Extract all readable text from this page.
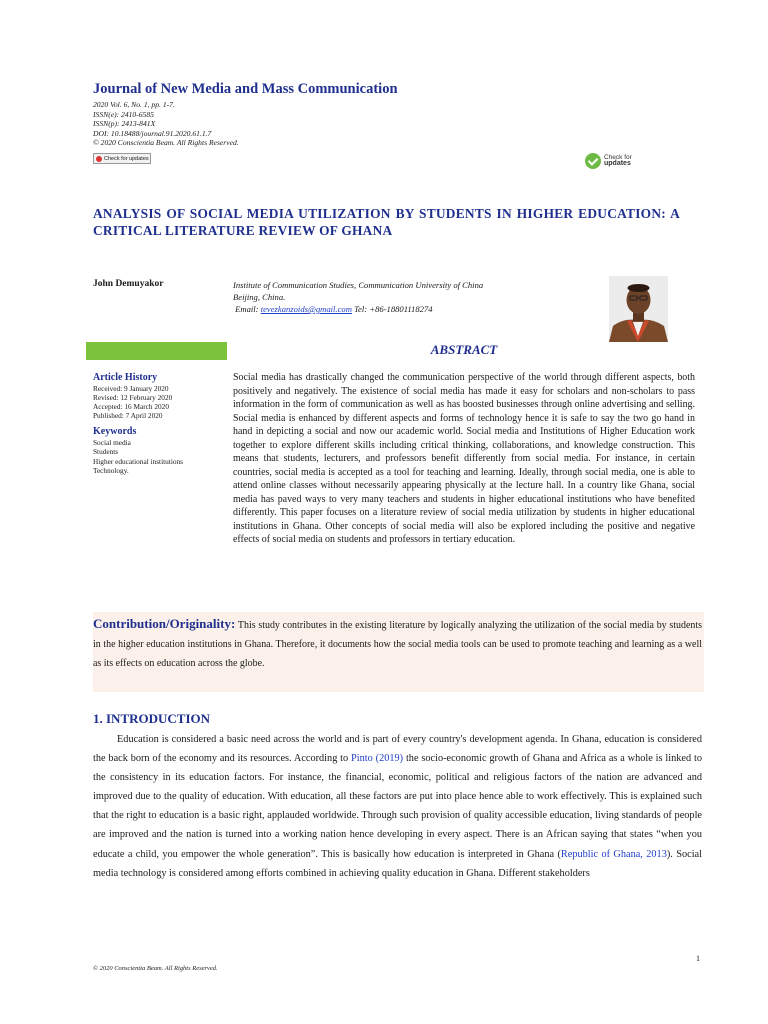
Journal of New Media and Mass Communication
2020 Vol. 6, No. 1, pp. 1-7.
ISSN(e): 2410-6585
ISSN(p): 2413-841X
DOI: 10.18488/journal.91.2020.61.1.7
© 2020 Conscientia Beam. All Rights Reserved.
Check for updates	Check for
updates
ANALYSIS OF SOCIAL MEDIA UTILIZATION BY STUDENTS IN HIGHER EDUCATION: A CRITICAL LITERATURE REVIEW OF GHANA
John Demuyakor	Institute of Communication Studies, Communication University of China
Beijing, China.
Email: tevezkanzoids@gmail.com Tel: +86-18801118274
ABSTRACT
Article History
Received: 9 January 2020
Revised: 12 February 2020
Accepted: 16 March 2020
Published: 7 April 2020
Keywords
Social media
Students
Higher educational institutions
Technology.
Social media has drastically changed the communication perspective of the world through different aspects, both positively and negatively. The existence of social media has made it easy for scholars and non-scholars to pass information in the form of communication as well as has boosted businesses through online advertising and selling. Social media is enhanced by different aspects and forms of technology hence it is safe to say the two go hand in hand in depicting a social and now our academic world. Social media and Institutions of Higher Education work together to explore different skills including critical thinking, collaborations, and knowledge construction. This means that students, lecturers, and professors benefit differently from social media. For instance, in certain countries, social media is accepted as a tool for teaching and learning. Ideally, through social media, one is able to attend online classes without necessarily appearing physically at the lecture hall. In a country like Ghana, social media has paved ways to very many teachers and students in higher educational institutions who have benefited differently. This paper focuses on a literature review of social media utilization by students in higher educational institutions in Ghana. Other concepts of social media will also be explored including the positive and negative effects of social media on students and professors in tertiary education.
Contribution/Originality: This study contributes in the existing literature by logically analyzing the utilization of the social media by students in the higher education institutions in Ghana. Therefore, it documents how the social media tools can be used to promote teaching and learning as a well as its effects on education across the globe.
1. INTRODUCTION
Education is considered a basic need across the world and is part of every country's development agenda. In Ghana, education is considered the back born of the economy and its resources. According to Pinto (2019) the socio-economic growth of Ghana and Africa as a whole is linked to the consistency in its education factors. For instance, the financial, economic, political and religious factors of the nation are advanced and improved due to the quality of education. With education, all these factors are put into place hence able to work effectively. This is explained such that the right to education is a basic right, applauded worldwide. Through such provision of quality accessible education, living standards of people are improved and the nation is turned into a working nation hence developing in every aspect. There is an African saying that states “when you educate a child, you empower the whole generation”. This is basically how education is interpreted in Ghana (Republic of Ghana, 2013). Social media technology is considered among efforts combined in achieving quality education in Ghana. Different stakeholders
1
© 2020 Conscientia Beam. All Rights Reserved.
